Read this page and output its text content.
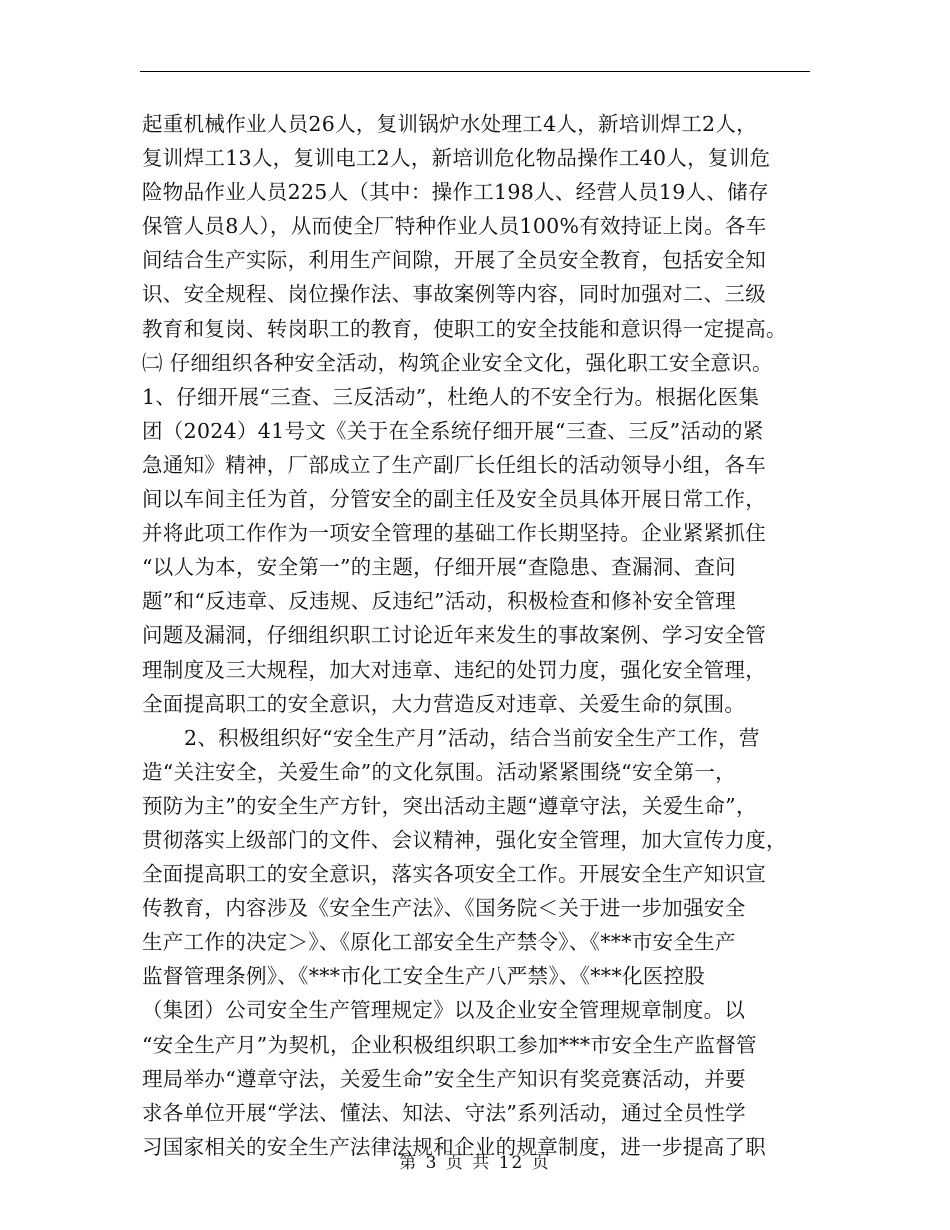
起重机械作业人员26人，复训锅炉水处理工4人，新培训焊工2人，
复训焊工13人，复训电工2人，新培训危化物品操作工40人，复训危
险物品作业人员225人（其中：操作工198人、经营人员19人、储存
保管人员8人），从而使全厂特种作业人员100%有效持证上岗。各车
间结合生产实际，利用生产间隙，开展了全员安全教育，包括安全知
识、安全规程、岗位操作法、事故案例等内容，同时加强对二、三级
教育和复岗、转岗职工的教育，使职工的安全技能和意识得一定提高。
㈡ 仔细组织各种安全活动，构筑企业安全文化，强化职工安全意识。
1、仔细开展“三查、三反活动”，杜绝人的不安全行为。根据化医集
团（2024）41号文《关于在全系统仔细开展“三查、三反”活动的紧
急通知》精神，厂部成立了生产副厂长任组长的活动领导小组，各车
间以车间主任为首，分管安全的副主任及安全员具体开展日常工作，
并将此项工作作为一项安全管理的基础工作长期坚持。企业紧紧抓住
“以人为本，安全第一”的主题，仔细开展“查隐患、查漏洞、查问
题”和“反违章、反违规、反违纪”活动，积极检查和修补安全管理
问题及漏洞，仔细组织职工讨论近年来发生的事故案例、学习安全管
理制度及三大规程，加大对违章、违纪的处罚力度，强化安全管理，
全面提高职工的安全意识，大力营造反对违章、关爱生命的氛围。
2、积极组织好“安全生产月”活动，结合当前安全生产工作，营
造“关注安全，关爱生命”的文化氛围。活动紧紧围绕“安全第一，
预防为主”的安全生产方针，突出活动主题“遵章守法，关爱生命”，
贯彻落实上级部门的文件、会议精神，强化安全管理，加大宣传力度，
全面提高职工的安全意识，落实各项安全工作。开展安全生产知识宣
传教育，内容涉及《安全生产法》、《国务院＜关于进一步加强安全
生产工作的决定＞》、《原化工部安全生产禁令》、《***市安全生产
监督管理条例》、《***市化工安全生产八严禁》、《***化医控股
（集团）公司安全生产管理规定》以及企业安全管理规章制度。以
“安全生产月”为契机，企业积极组织职工参加***市安全生产监督管
理局举办“遵章守法，关爱生命”安全生产知识有奖竞赛活动，并要
求各单位开展“学法、懂法、知法、守法”系列活动，通过全员性学
习国家相关的安全生产法律法规和企业的规章制度，进一步提高了职
第 3 页 共 12 页
